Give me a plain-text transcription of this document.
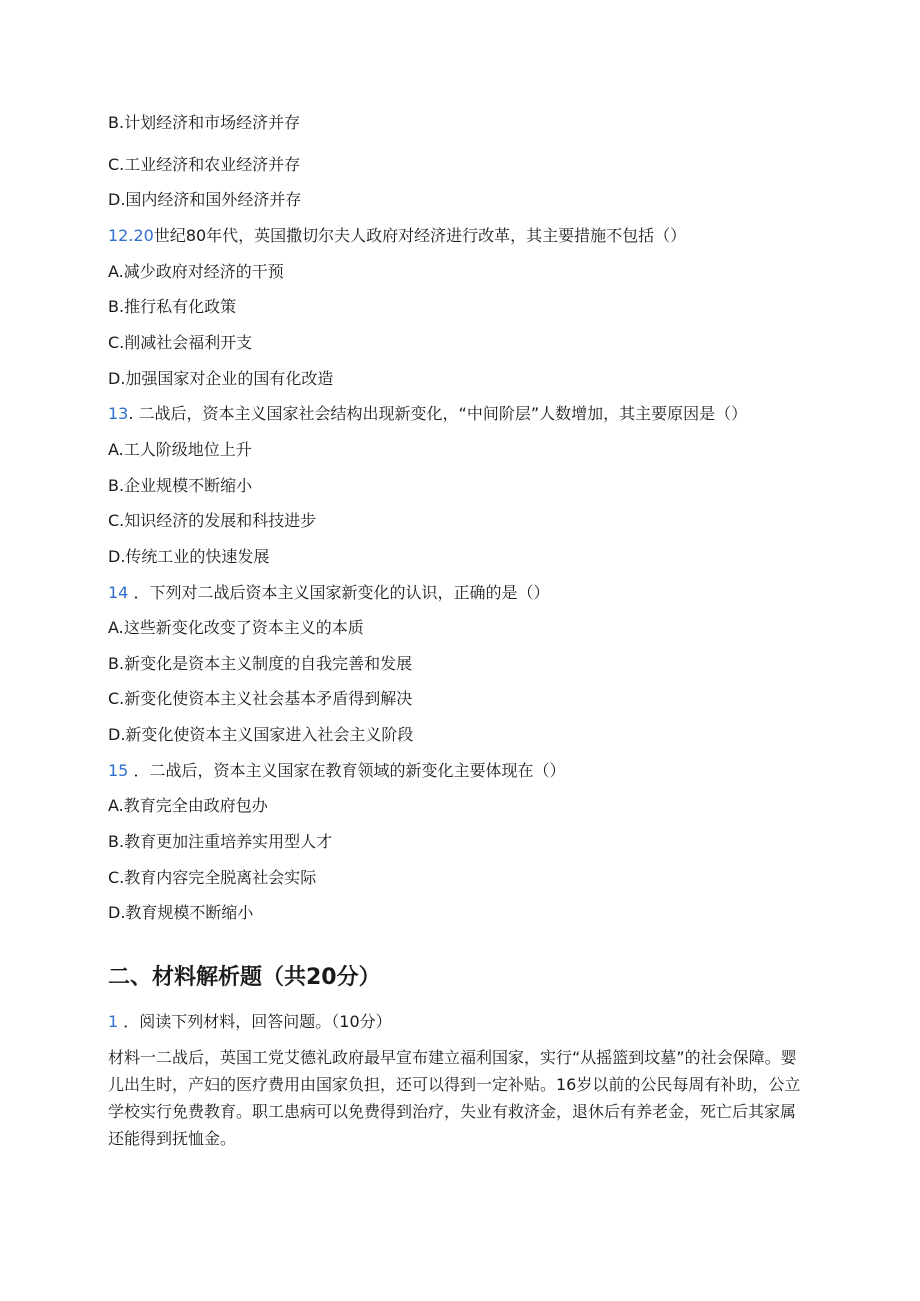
B.计划经济和市场经济并存
C.工业经济和农业经济并存
D.国内经济和国外经济并存
12.20世纪80年代，英国撒切尔夫人政府对经济进行改革，其主要措施不包括（）
A.减少政府对经济的干预
B.推行私有化政策
C.削减社会福利开支
D.加强国家对企业的国有化改造
13. 二战后，资本主义国家社会结构出现新变化，“中间阶层”人数增加，其主要原因是（）
A.工人阶级地位上升
B.企业规模不断缩小
C.知识经济的发展和科技进步
D.传统工业的快速发展
14 ．下列对二战后资本主义国家新变化的认识，正确的是（）
A.这些新变化改变了资本主义的本质
B.新变化是资本主义制度的自我完善和发展
C.新变化使资本主义社会基本矛盾得到解决
D.新变化使资本主义国家进入社会主义阶段
15 ．二战后，资本主义国家在教育领域的新变化主要体现在（）
A.教育完全由政府包办
B.教育更加注重培养实用型人才
C.教育内容完全脱离社会实际
D.教育规模不断缩小
二、材料解析题（共20分）
1 ．阅读下列材料，回答问题。（10分）
材料一二战后，英国工党艾德礼政府最早宣布建立福利国家，实行“从摇篮到坟墓”的社会保障。婴儿出生时，产妇的医疗费用由国家负担，还可以得到一定补贴。16岁以前的公民每周有补助，公立学校实行免费教育。职工患病可以免费得到治疗，失业有救济金，退休后有养老金，死亡后其家属还能得到抚恤金。
